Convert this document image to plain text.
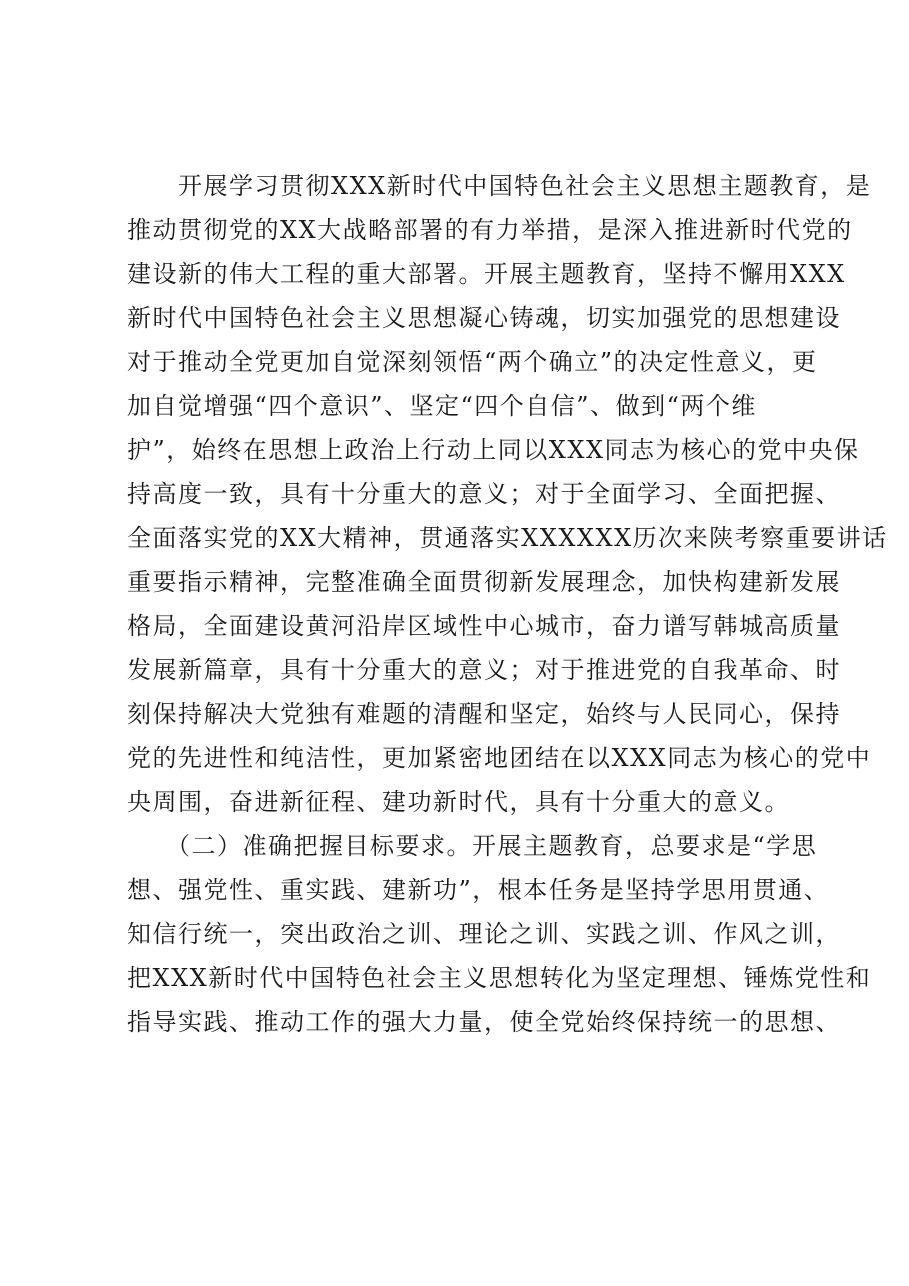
　　开展学习贯彻XXX新时代中国特色社会主义思想主题教育，是
推动贯彻党的XX大战略部署的有力举措，是深入推进新时代党的
建设新的伟大工程的重大部署。开展主题教育，坚持不懈用XXX
新时代中国特色社会主义思想凝心铸魂，切实加强党的思想建设
对于推动全党更加自觉深刻领悟“两个确立”的决定性意义，更
加自觉增强“四个意识”、坚定“四个自信”、做到“两个维
护”，始终在思想上政治上行动上同以XXX同志为核心的党中央保
持高度一致，具有十分重大的意义；对于全面学习、全面把握、
全面落实党的XX大精神，贯通落实XXXXXX历次来陕考察重要讲话
重要指示精神，完整准确全面贯彻新发展理念，加快构建新发展
格局，全面建设黄河沿岸区域性中心城市，奋力谱写韩城高质量
发展新篇章，具有十分重大的意义；对于推进党的自我革命、时
刻保持解决大党独有难题的清醒和坚定，始终与人民同心，保持
党的先进性和纯洁性，更加紧密地团结在以XXX同志为核心的党中
央周围，奋进新征程、建功新时代，具有十分重大的意义。
　　（二）准确把握目标要求。开展主题教育，总要求是“学思
想、强党性、重实践、建新功”，根本任务是坚持学思用贯通、
知信行统一，突出政治之训、理论之训、实践之训、作风之训，
把XXX新时代中国特色社会主义思想转化为坚定理想、锤炼党性和
指导实践、推动工作的强大力量，使全党始终保持统一的思想、
